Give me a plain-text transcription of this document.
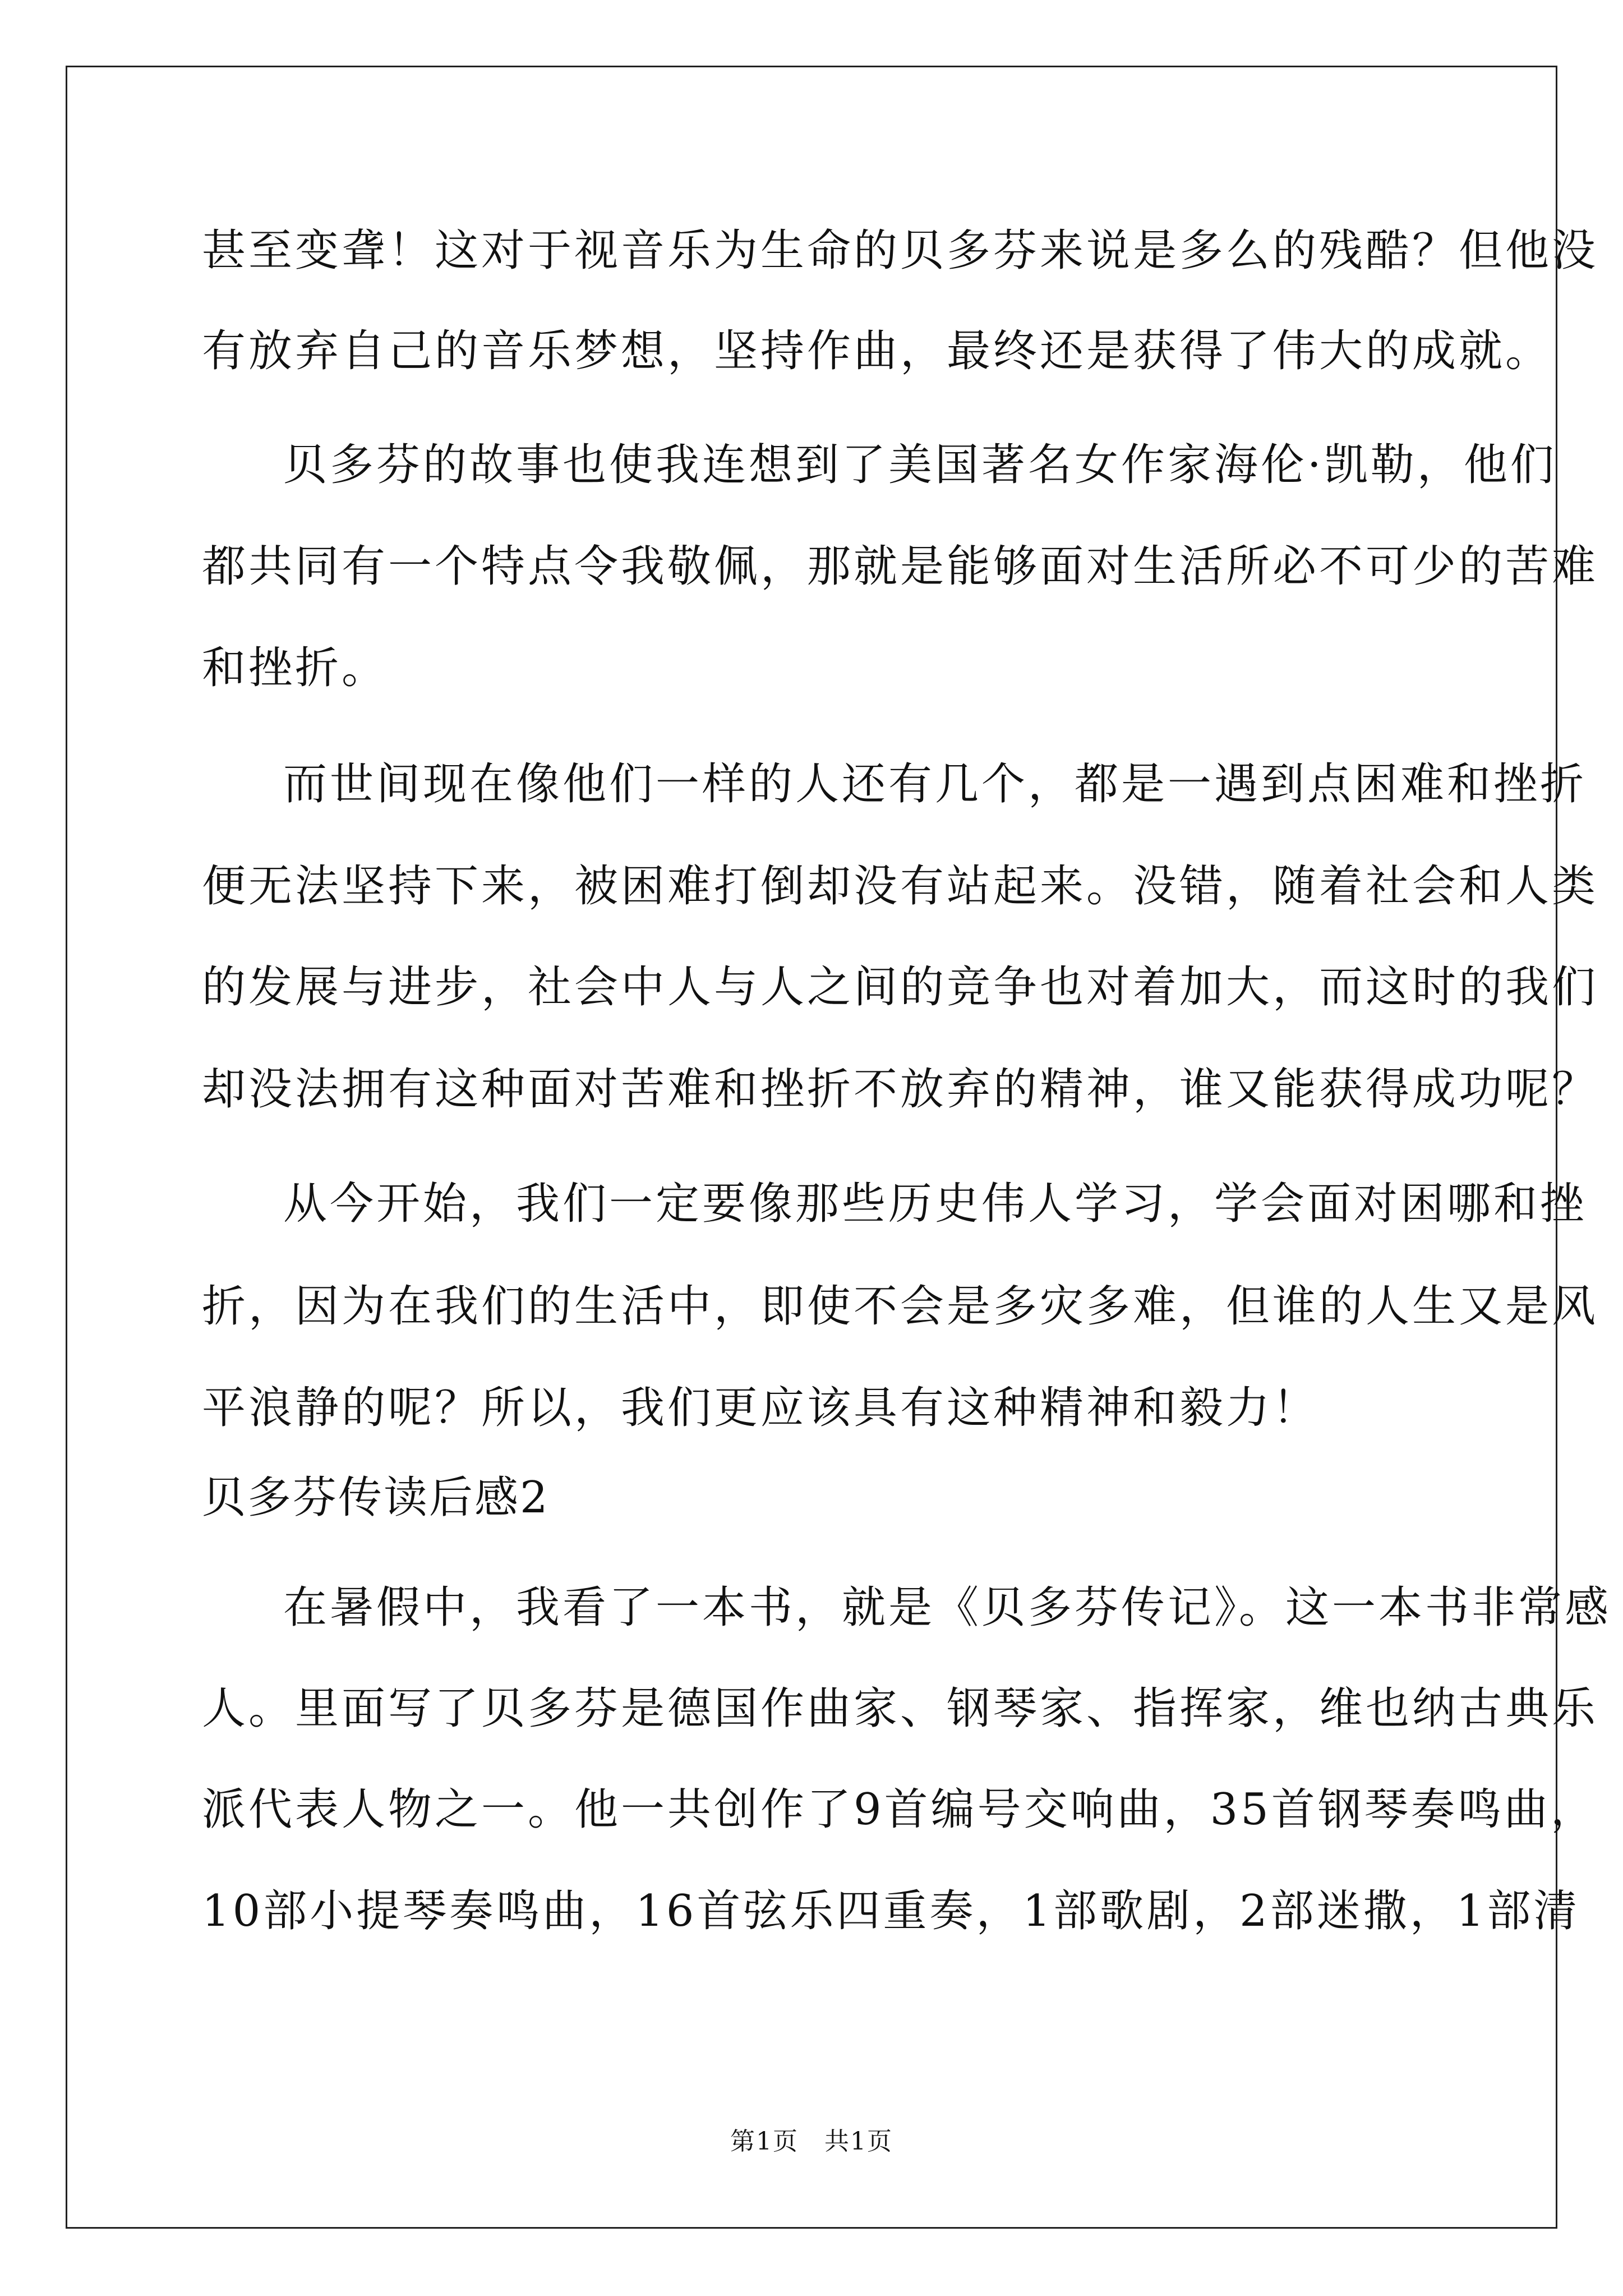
甚至变聋！这对于视音乐为生命的贝多芬来说是多么的残酷？但他没

有放弃自己的音乐梦想，坚持作曲，最终还是获得了伟大的成就。

贝多芬的故事也使我连想到了美国著名女作家海伦·凯勒，他们

都共同有一个特点令我敬佩，那就是能够面对生活所必不可少的苦难

和挫折。

而世间现在像他们一样的人还有几个，都是一遇到点困难和挫折

便无法坚持下来，被困难打倒却没有站起来。没错，随着社会和人类

的发展与进步，社会中人与人之间的竞争也对着加大，而这时的我们

却没法拥有这种面对苦难和挫折不放弃的精神，谁又能获得成功呢？

从今开始，我们一定要像那些历史伟人学习，学会面对困哪和挫

折，因为在我们的生活中，即使不会是多灾多难，但谁的人生又是风

平浪静的呢？所以，我们更应该具有这种精神和毅力！

贝多芬传读后感2

在暑假中，我看了一本书，就是《贝多芬传记》。这一本书非常感

人。里面写了贝多芬是德国作曲家、钢琴家、指挥家，维也纳古典乐

派代表人物之一。他一共创作了9首编号交响曲，35首钢琴奏鸣曲，

10部小提琴奏鸣曲，16首弦乐四重奏，1部歌剧，2部迷撒，1部清

第1页　共1页
